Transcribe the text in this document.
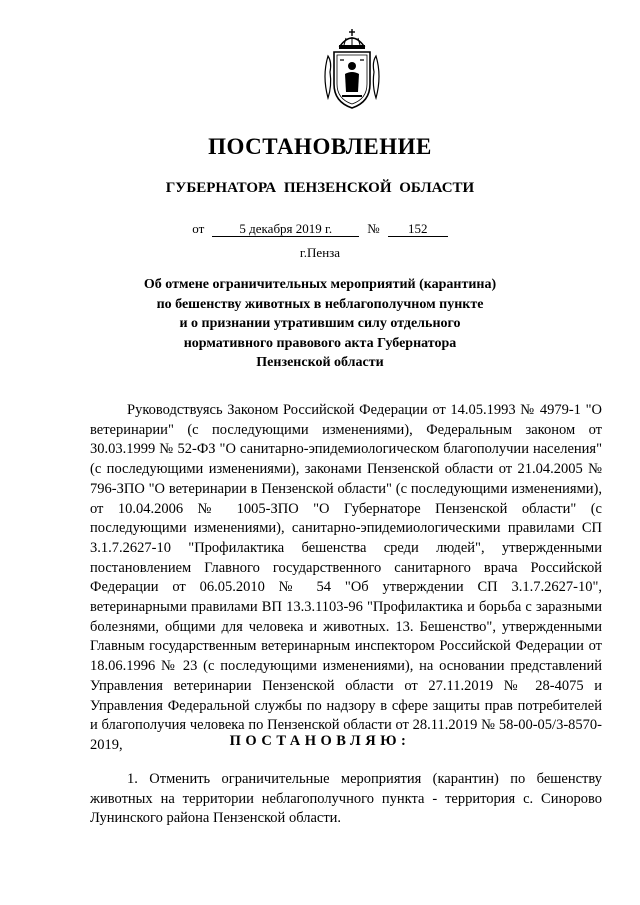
ПОСТАНОВЛЕНИЕ
ГУБЕРНАТОРА ПЕНЗЕНСКОЙ ОБЛАСТИ
от	5 декабря 2019 г.	№ 152
г.Пенза
Об отмене ограничительных мероприятий (карантина)
по бешенству животных в неблагополучном пункте
и о признании утратившим силу отдельного
нормативного правового акта Губернатора
Пензенской области
Руководствуясь Законом Российской Федерации от 14.05.1993 № 4979-1 "О ветеринарии" (с последующими изменениями), Федеральным законом от 30.03.1999 № 52-ФЗ "О санитарно-эпидемиологическом благополучии населения" (с последующими изменениями), законами Пензенской области от 21.04.2005 № 796-ЗПО "О ветеринарии в Пензенской области" (с последующими изменениями), от 10.04.2006 № 1005-ЗПО "О Губернаторе Пензенской области" (с последующими изменениями), санитарно-эпидемиологическими правилами СП 3.1.7.2627-10 "Профилактика бешенства среди людей", утвержденными постановлением Главного государственного санитарного врача Российской Федерации от 06.05.2010 № 54 "Об утверждении СП 3.1.7.2627-10", ветеринарными правилами ВП 13.3.1103-96 "Профилактика и борьба с заразными болезнями, общими для человека и животных. 13. Бешенство", утвержденными Главным государственным ветеринарным инспектором Российской Федерации от 18.06.1996 № 23 (с последующими изменениями), на основании представлений Управления ветеринарии Пензенской области от 27.11.2019 № 28-4075 и Управления Федеральной службы по надзору в сфере защиты прав потребителей и благополучия человека по Пензенской области от 28.11.2019 № 58-00-05/3-8570-2019,	ПОСТАНОВЛЯЮ:
1. Отменить ограничительные мероприятия (карантин) по бешенству животных на территории неблагополучного пункта - территория с. Синорово Лунинского района Пензенской области.
